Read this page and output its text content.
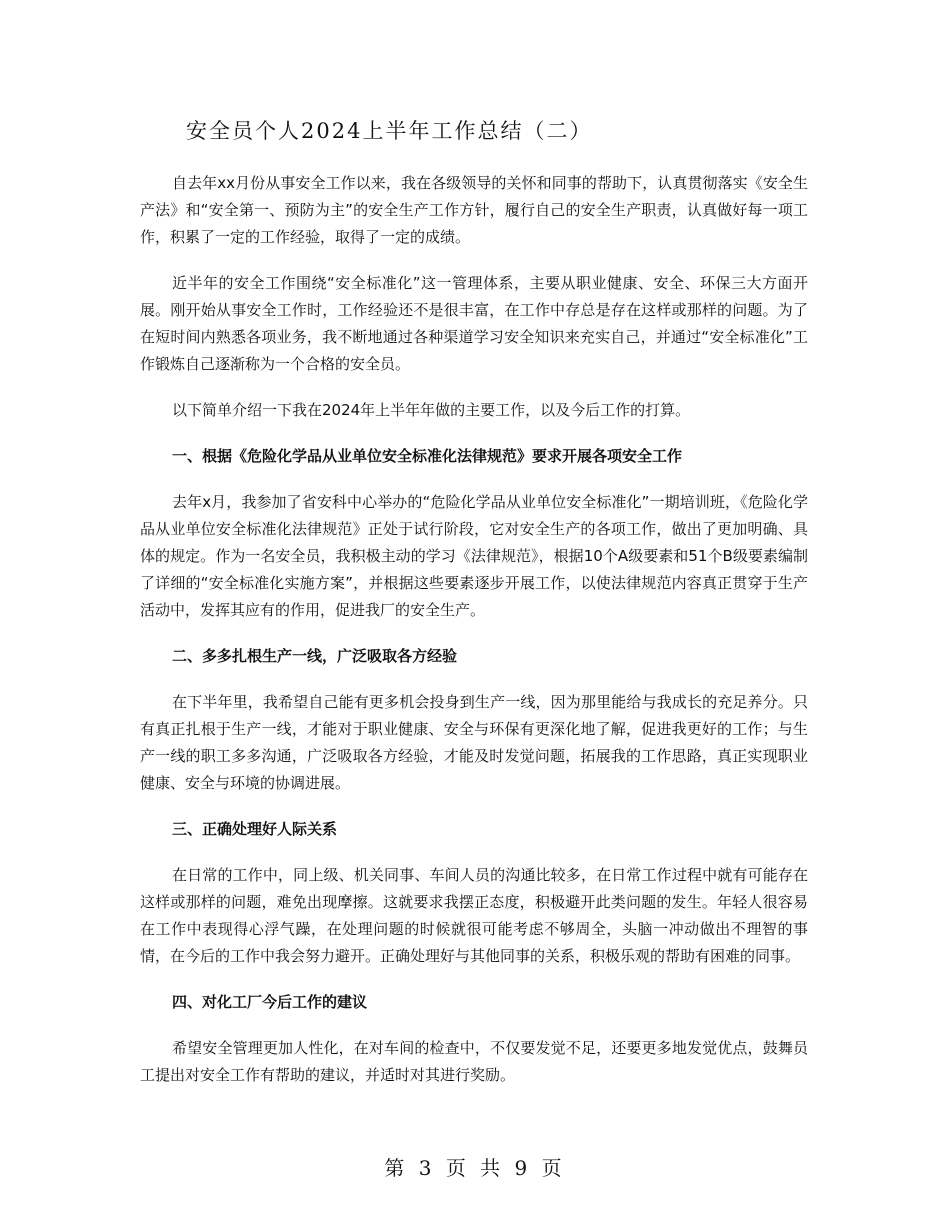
安全员个人2024上半年工作总结（二）

自去年xx月份从事安全工作以来，我在各级领导的关怀和同事的帮助下，认真贯彻落实《安全生产法》和“安全第一、预防为主”的安全生产工作方针，履行自己的安全生产职责，认真做好每一项工作，积累了一定的工作经验，取得了一定的成绩。

近半年的安全工作围绕“安全标准化”这一管理体系，主要从职业健康、安全、环保三大方面开展。刚开始从事安全工作时，工作经验还不是很丰富，在工作中存总是存在这样或那样的问题。为了在短时间内熟悉各项业务，我不断地通过各种渠道学习安全知识来充实自己，并通过“安全标准化”工作锻炼自己逐渐称为一个合格的安全员。

以下简单介绍一下我在2024年上半年年做的主要工作，以及今后工作的打算。

一、根据《危险化学品从业单位安全标准化法律规范》要求开展各项安全工作

去年x月，我参加了省安科中心举办的“危险化学品从业单位安全标准化”一期培训班，《危险化学品从业单位安全标准化法律规范》正处于试行阶段，它对安全生产的各项工作，做出了更加明确、具体的规定。作为一名安全员，我积极主动的学习《法律规范》，根据10个A级要素和51个B级要素编制了详细的“安全标准化实施方案”，并根据这些要素逐步开展工作，以使法律规范内容真正贯穿于生产活动中，发挥其应有的作用，促进我厂的安全生产。

二、多多扎根生产一线，广泛吸取各方经验

在下半年里，我希望自己能有更多机会投身到生产一线，因为那里能给与我成长的充足养分。只有真正扎根于生产一线，才能对于职业健康、安全与环保有更深化地了解，促进我更好的工作；与生产一线的职工多多沟通，广泛吸取各方经验，才能及时发觉问题，拓展我的工作思路，真正实现职业健康、安全与环境的协调进展。

三、正确处理好人际关系

在日常的工作中，同上级、机关同事、车间人员的沟通比较多，在日常工作过程中就有可能存在这样或那样的问题，难免出现摩擦。这就要求我摆正态度，积极避开此类问题的发生。年轻人很容易在工作中表现得心浮气躁，在处理问题的时候就很可能考虑不够周全，头脑一冲动做出不理智的事情，在今后的工作中我会努力避开。正确处理好与其他同事的关系，积极乐观的帮助有困难的同事。

四、对化工厂今后工作的建议

希望安全管理更加人性化，在对车间的检查中，不仅要发觉不足，还要更多地发觉优点，鼓舞员工提出对安全工作有帮助的建议，并适时对其进行奖励。

第 3 页 共 9 页
